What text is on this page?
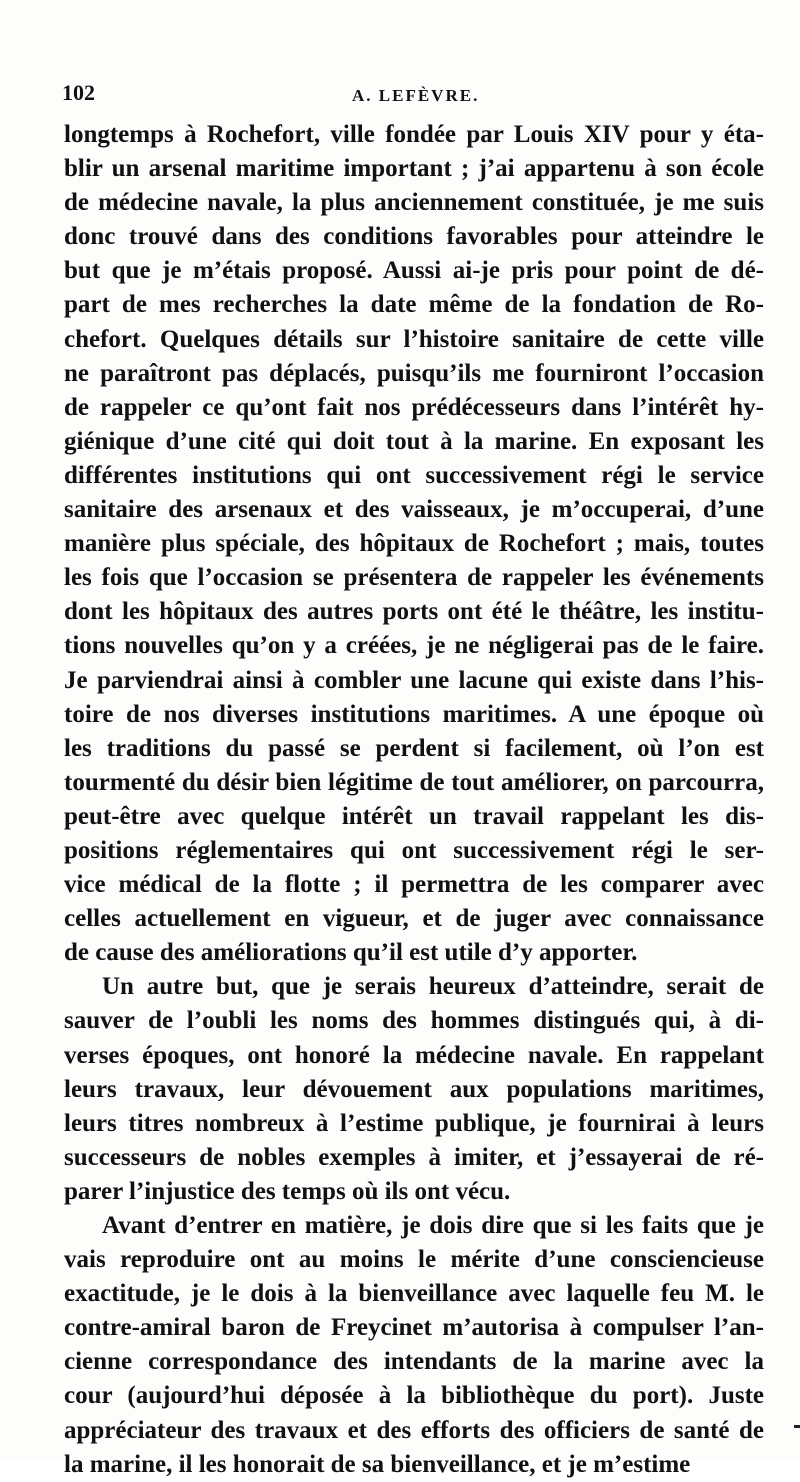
102	A. LEFÈVRE.
longtemps à Rochefort, ville fondée par Louis XIV pour y éta-
blir un arsenal maritime important ; j’ai appartenu à son école
de médecine navale, la plus anciennement constituée, je me suis
donc trouvé dans des conditions favorables pour atteindre le
but que je m’étais proposé. Aussi ai-je pris pour point de dé-
part de mes recherches la date même de la fondation de Ro-
chefort. Quelques détails sur l’histoire sanitaire de cette ville
ne paraîtront pas déplacés, puisqu’ils me fourniront l’occasion
de rappeler ce qu’ont fait nos prédécesseurs dans l’intérêt hy-
giénique d’une cité qui doit tout à la marine. En exposant les
différentes institutions qui ont successivement régi le service
sanitaire des arsenaux et des vaisseaux, je m’occuperai, d’une
manière plus spéciale, des hôpitaux de Rochefort ; mais, toutes
les fois que l’occasion se présentera de rappeler les événements
dont les hôpitaux des autres ports ont été le théâtre, les institu-
tions nouvelles qu’on y a créées, je ne négligerai pas de le faire.
Je parviendrai ainsi à combler une lacune qui existe dans l’his-
toire de nos diverses institutions maritimes. A une époque où
les traditions du passé se perdent si facilement, où l’on est
tourmenté du désir bien légitime de tout améliorer, on parcourra,
peut-être avec quelque intérêt un travail rappelant les dis-
positions réglementaires qui ont successivement régi le ser-
vice médical de la flotte ; il permettra de les comparer avec
celles actuellement en vigueur, et de juger avec connaissance
de cause des améliorations qu’il est utile d’y apporter.
Un autre but, que je serais heureux d’atteindre, serait de
sauver de l’oubli les noms des hommes distingués qui, à di-
verses époques, ont honoré la médecine navale. En rappelant
leurs travaux, leur dévouement aux populations maritimes,
leurs titres nombreux à l’estime publique, je fournirai à leurs
successeurs de nobles exemples à imiter, et j’essayerai de ré-
parer l’injustice des temps où ils ont vécu.
Avant d’entrer en matière, je dois dire que si les faits que je
vais reproduire ont au moins le mérite d’une consciencieuse
exactitude, je le dois à la bienveillance avec laquelle feu M. le
contre-amiral baron de Freycinet m’autorisa à compulser l’an-
cienne correspondance des intendants de la marine avec la
cour (aujourd’hui déposée à la bibliothèque du port). Juste
appréciateur des travaux et des efforts des officiers de santé de
la marine, il les honorait de sa bienveillance, et je m’estime
